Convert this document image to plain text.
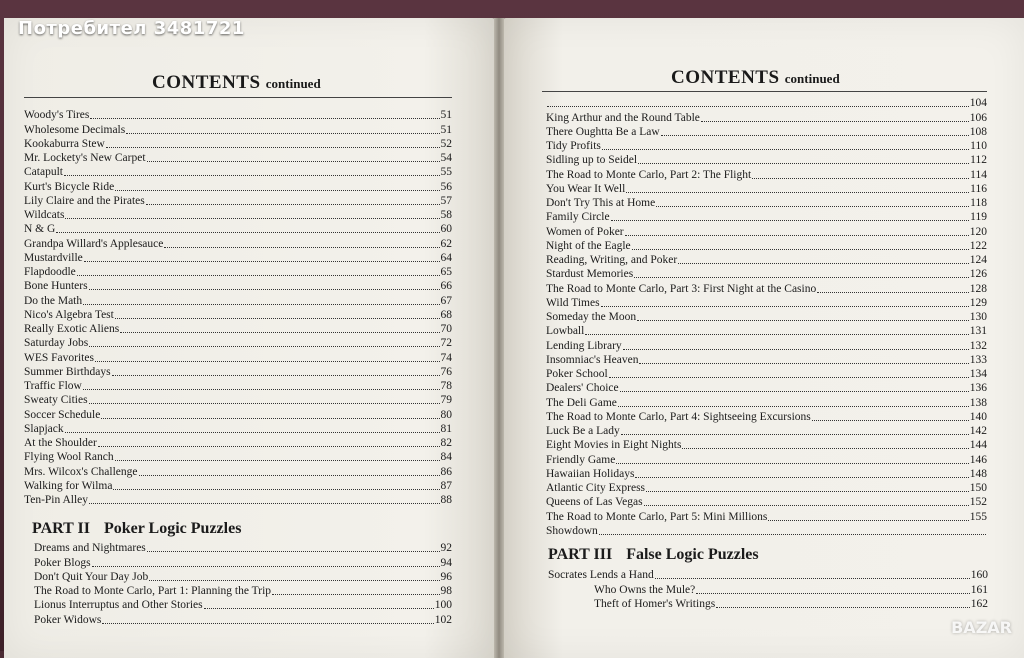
Потребител 3481721
CONTENTS continued
Woody's Tires	51
Wholesome Decimals	51
Kookaburra Stew	52
Mr. Lockety's New Carpet	54
Catapult	55
Kurt's Bicycle Ride	56
Lily Claire and the Pirates	57
Wildcats	58
N & G	60
Grandpa Willard's Applesauce	62
Mustardville	64
Flapdoodle	65
Bone Hunters	66
Do the Math	67
Nico's Algebra Test	68
Really Exotic Aliens	70
Saturday Jobs	72
WES Favorites	74
Summer Birthdays	76
Traffic Flow	78
Sweaty Cities	79
Soccer Schedule	80
Slapjack	81
At the Shoulder	82
Flying Wool Ranch	84
Mrs. Wilcox's Challenge	86
Walking for Wilma	87
Ten-Pin Alley	88
PART II Poker Logic Puzzles
Dreams and Nightmares	92
Poker Blogs	94
Don't Quit Your Day Job	96
The Road to Monte Carlo, Part 1: Planning the Trip	98
Lionus Interruptus and Other Stories	100
Poker Widows	102
CONTENTS continued
104
King Arthur and the Round Table	106
There Oughtta Be a Law	108
Tidy Profits	110
Sidling up to Seidel	112
The Road to Monte Carlo, Part 2: The Flight	114
You Wear It Well	116
Don't Try This at Home	118
Family Circle	119
Women of Poker	120
Night of the Eagle	122
Reading, Writing, and Poker	124
Stardust Memories	126
The Road to Monte Carlo, Part 3: First Night at the Casino	128
Wild Times	129
Someday the Moon	130
Lowball	131
Lending Library	132
Insomniac's Heaven	133
Poker School	134
Dealers' Choice	136
The Deli Game	138
The Road to Monte Carlo, Part 4: Sightseeing Excursions	140
Luck Be a Lady	142
Eight Movies in Eight Nights	144
Friendly Game	146
Hawaiian Holidays	148
Atlantic City Express	150
Queens of Las Vegas	152
The Road to Monte Carlo, Part 5: Mini Millions	155
Showdown
PART III False Logic Puzzles
Socrates Lends a Hand	160
Who Owns the Mule?	161
Theft of Homer's Writings	162
BAZAR
